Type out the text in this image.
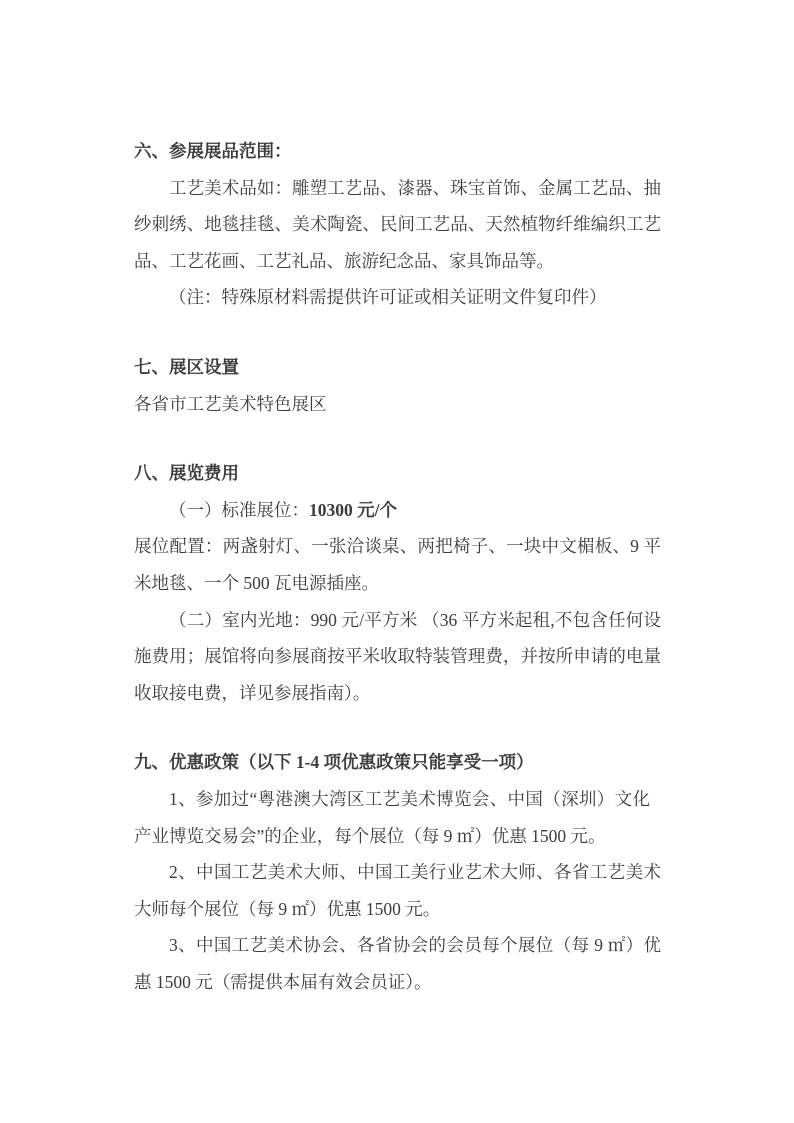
六、参展展品范围：

工艺美术品如：雕塑工艺品、漆器、珠宝首饰、金属工艺品、抽纱刺绣、地毯挂毯、美术陶瓷、民间工艺品、天然植物纤维编织工艺品、工艺花画、工艺礼品、旅游纪念品、家具饰品等。

（注：特殊原材料需提供许可证或相关证明文件复印件）

七、展区设置

各省市工艺美术特色展区

八、展览费用

（一）标准展位：10300 元/个

展位配置：两盏射灯、一张洽谈桌、两把椅子、一块中文楣板、9 平米地毯、一个 500 瓦电源插座。

（二）室内光地：990 元/平方米 （36 平方米起租,不包含任何设施费用；展馆将向参展商按平米收取特装管理费，并按所申请的电量收取接电费，详见参展指南）。

九、优惠政策（以下 1-4 项优惠政策只能享受一项）

1、参加过“粤港澳大湾区工艺美术博览会、中国（深圳）文化产业博览交易会”的企业，每个展位（每 9 ㎡）优惠 1500 元。

2、中国工艺美术大师、中国工美行业艺术大师、各省工艺美术大师每个展位（每 9 ㎡）优惠 1500 元。

3、中国工艺美术协会、各省协会的会员每个展位（每 9 ㎡）优惠 1500 元（需提供本届有效会员证）。
